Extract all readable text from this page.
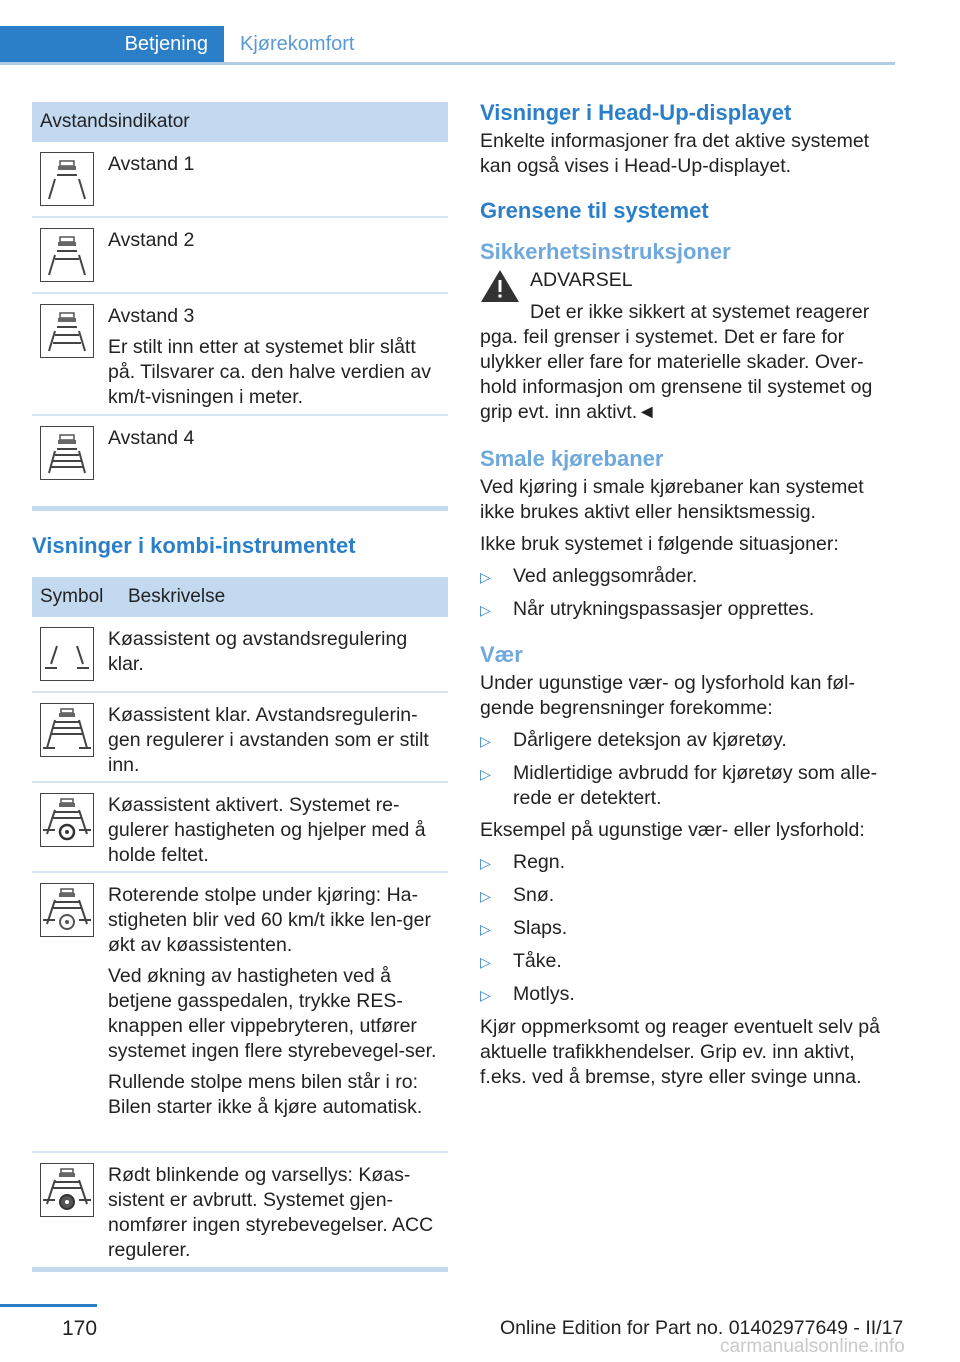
Betjening Kjørekomfort
Avstandsindikator

Avstand 1

Avstand 2

Avstand 3

Er stilt inn etter at systemet blir slått på. Tilsvarer ca. den halve verdien av km/t-visningen i meter.

Avstand 4

Visninger i kombi-instrumentet
Symbol	Beskrivelse

Køassistent og avstandsregulering klar.

Køassistent klar. Avstandsregulerin-gen regulerer i avstanden som er stilt inn.

Køassistent aktivert. Systemet re-gulerer hastigheten og hjelper med å holde feltet.

Roterende stolpe under kjøring: Ha-stigheten blir ved 60 km/t ikke len-ger økt av køassistenten.

Ved økning av hastigheten ved å betjene gasspedalen, trykke RES-knappen eller vippebryteren, utfører systemet ingen flere styrebevegel-ser.

Rullende stolpe mens bilen står i ro: Bilen starter ikke å kjøre automatisk.

Rødt blinkende og varsellys: Køas-sistent er avbrutt. Systemet gjen-nomfører ingen styrebevegelser. ACC regulerer.

Visninger i Head-Up-displayet

Enkelte informasjoner fra det aktive systemet kan også vises i Head-Up-displayet.

Grensene til systemet
Sikkerhetsinstruksjoner
ADVARSEL
Det er ikke sikkert at systemet reagerer

pga. feil grenser i systemet. Det er fare for ulykker eller fare for materielle skader. Over-hold informasjon om grensene til systemet og grip evt. inn aktivt.◄

Smale kjørebaner

Ved kjøring i smale kjørebaner kan systemet ikke brukes aktivt eller hensiktsmessig.

Ikke bruk systemet i følgende situasjoner:

▷	Ved anleggsområder.
▷	Når utrykningspassasjer opprettes.
Vær

Under ugunstige vær- og lysforhold kan føl-gende begrensninger forekomme:

▷	Dårligere deteksjon av kjøretøy.
▷	Midlertidige avbrudd for kjøretøy som alle-rede er detektert.

Eksempel på ugunstige vær- eller lysforhold:

▷	Regn.
▷	Snø.
▷	Slaps.
▷	Tåke.
▷	Motlys.

Kjør oppmerksomt og reager eventuelt selv på aktuelle trafikkhendelser. Grip ev. inn aktivt, f.eks. ved å bremse, styre eller svinge unna.

170	Online Edition for Part no. 01402977649 - II/17
carmanualsonline.info
